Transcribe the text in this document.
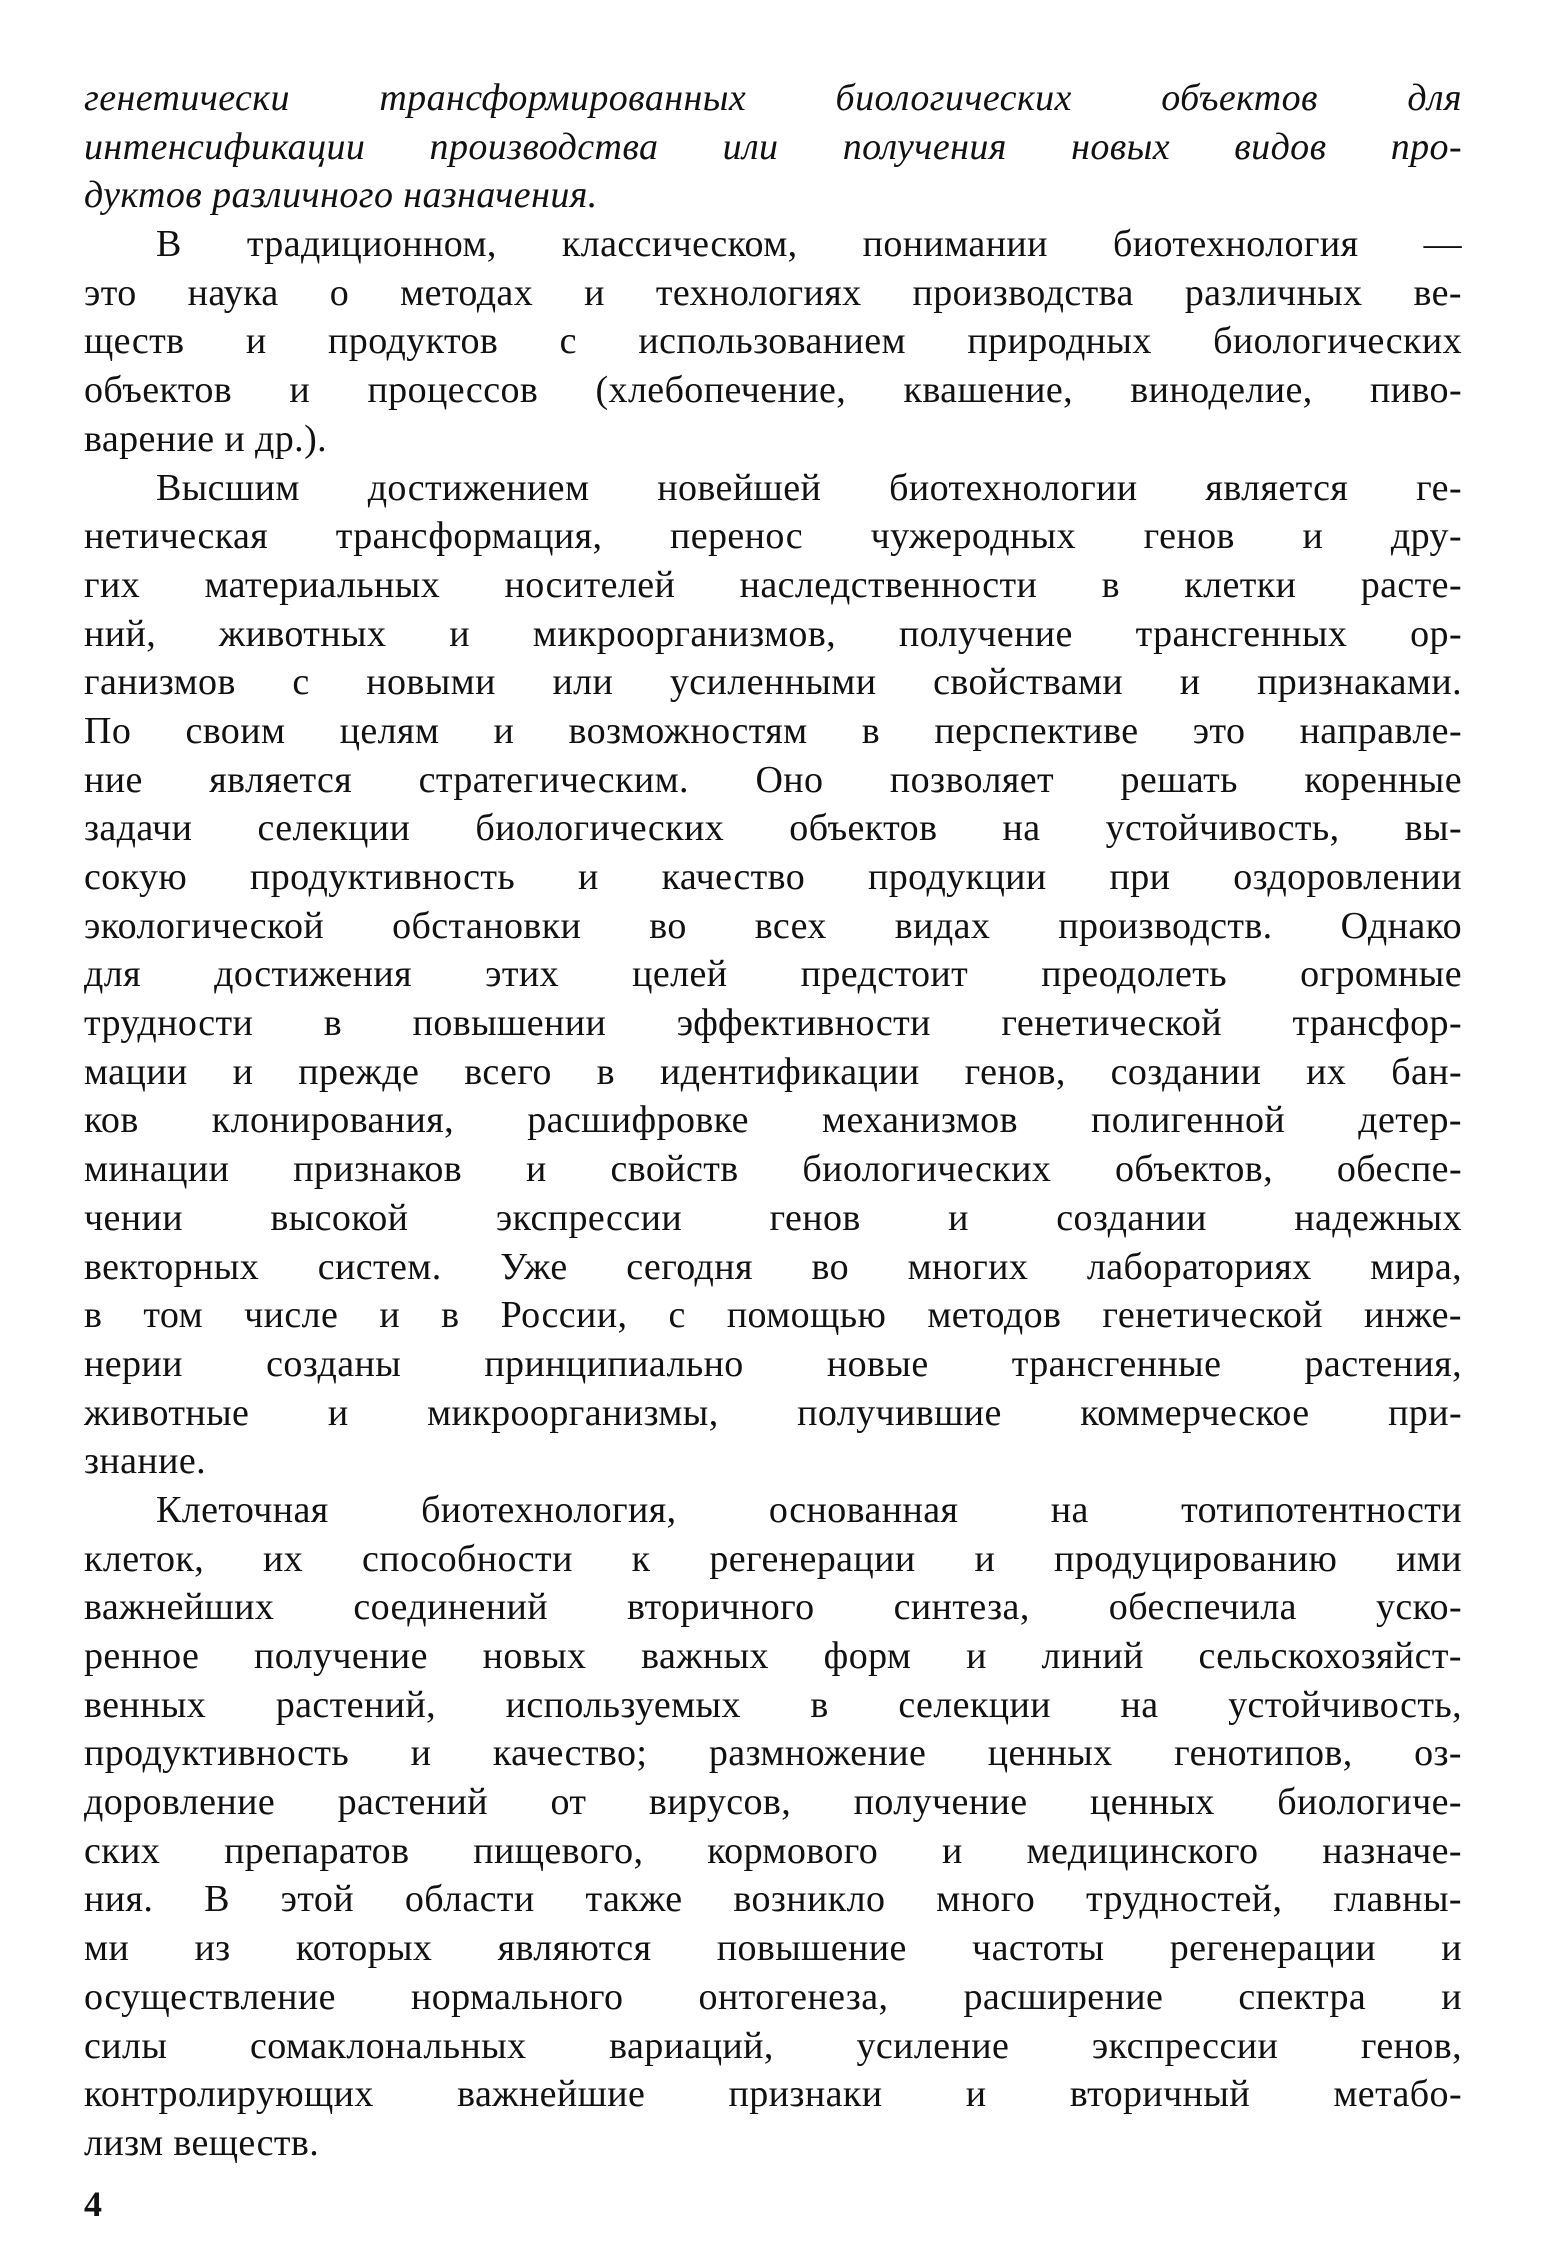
генетически трансформированных биологических объектов для
интенсификации производства или получения новых видов про-
дуктов различного назначения.
В традиционном, классическом, понимании биотехнология —
это наука о методах и технологиях производства различных ве-
ществ и продуктов с использованием природных биологических
объектов и процессов (хлебопечение, квашение, виноделие, пиво-
варение и др.).
Высшим достижением новейшей биотехнологии является ге-
нетическая трансформация, перенос чужеродных генов и дру-
гих материальных носителей наследственности в клетки расте-
ний, животных и микроорганизмов, получение трансгенных ор-
ганизмов с новыми или усиленными свойствами и признаками.
По своим целям и возможностям в перспективе это направле-
ние является стратегическим. Оно позволяет решать коренные
задачи селекции биологических объектов на устойчивость, вы-
сокую продуктивность и качество продукции при оздоровлении
экологической обстановки во всех видах производств. Однако
для достижения этих целей предстоит преодолеть огромные
трудности в повышении эффективности генетической трансфор-
мации и прежде всего в идентификации генов, создании их бан-
ков клонирования, расшифровке механизмов полигенной детер-
минации признаков и свойств биологических объектов, обеспе-
чении высокой экспрессии генов и создании надежных
векторных систем. Уже сегодня во многих лабораториях мира,
в том числе и в России, с помощью методов генетической инже-
нерии созданы принципиально новые трансгенные растения,
животные и микроорганизмы, получившие коммерческое при-
знание.
Клеточная биотехнология, основанная на тотипотентности
клеток, их способности к регенерации и продуцированию ими
важнейших соединений вторичного синтеза, обеспечила уско-
ренное получение новых важных форм и линий сельскохозяйст-
венных растений, используемых в селекции на устойчивость,
продуктивность и качество; размножение ценных генотипов, оз-
доровление растений от вирусов, получение ценных биологиче-
ских препаратов пищевого, кормового и медицинского назначе-
ния. В этой области также возникло много трудностей, главны-
ми из которых являются повышение частоты регенерации и
осуществление нормального онтогенеза, расширение спектра и
силы сомаклональных вариаций, усиление экспрессии генов,
контролирующих важнейшие признаки и вторичный метабо-
лизм веществ.
4
